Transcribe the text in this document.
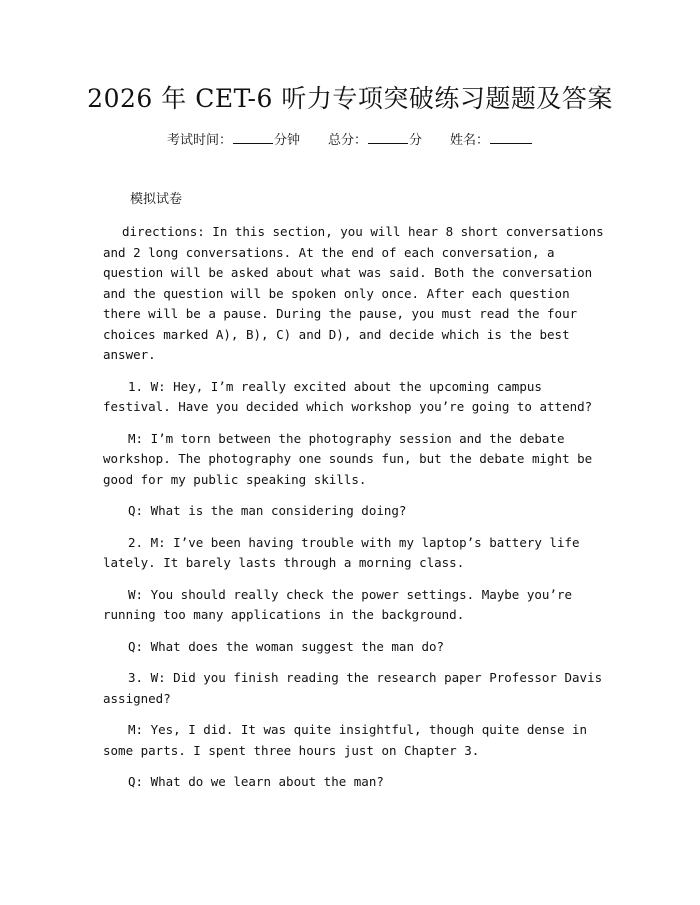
2026 年 CET-6 听力专项突破练习题题及答案
考试时间：	分钟 总分：	分 姓名：
模拟试卷

directions: In this section, you will hear 8 short conversations and 2 long conversations. At the end of each conversation, a question will be asked about what was said. Both the conversation and the question will be spoken only once. After each question there will be a pause. During the pause, you must read the four choices marked A), B), C) and D), and decide which is the best answer.

1. W: Hey, I’m really excited about the upcoming campus festival. Have you decided which workshop you’re going to attend?

M: I’m torn between the photography session and the debate workshop. The photography one sounds fun, but the debate might be good for my public speaking skills.

Q: What is the man considering doing?

2. M: I’ve been having trouble with my laptop’s battery life lately. It barely lasts through a morning class.

W: You should really check the power settings. Maybe you’re running too many applications in the background.

Q: What does the woman suggest the man do?

3. W: Did you finish reading the research paper Professor Davis assigned?

M: Yes, I did. It was quite insightful, though quite dense in some parts. I spent three hours just on Chapter 3.

Q: What do we learn about the man?
